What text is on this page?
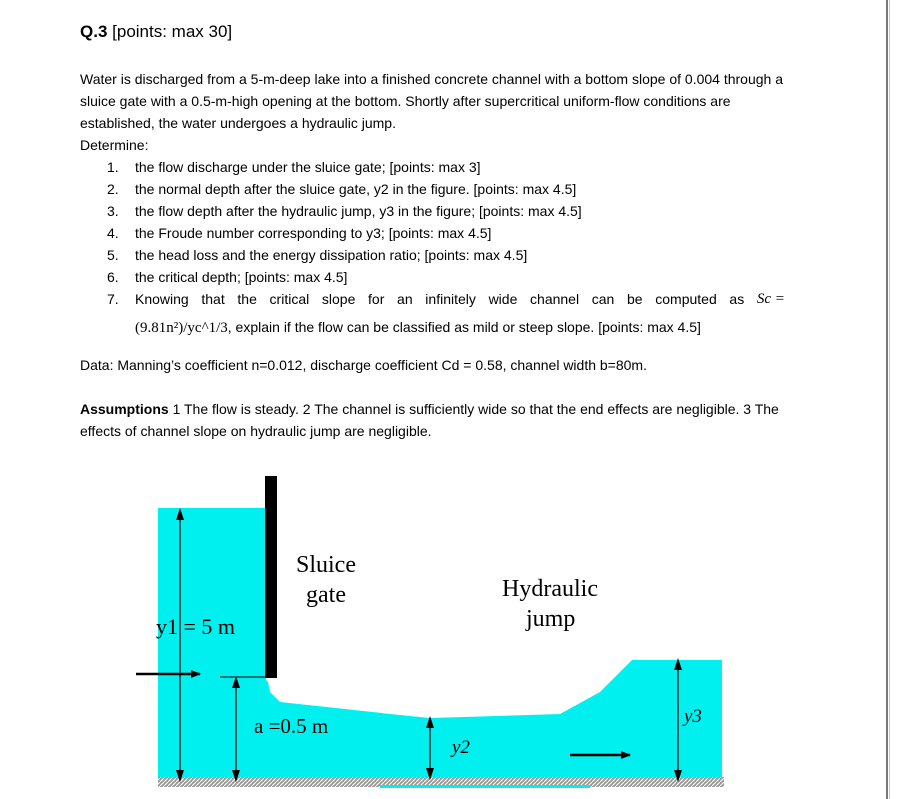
Q.3 [points: max 30]
Water is discharged from a 5-m-deep lake into a finished concrete channel with a bottom slope of 0.004 through a sluice gate with a 0.5-m-high opening at the bottom. Shortly after supercritical uniform-flow conditions are established, the water undergoes a hydraulic jump.
Determine:
1. the flow discharge under the sluice gate; [points: max 3]
2. the normal depth after the sluice gate, y2 in the figure. [points: max 4.5]
3. the flow depth after the hydraulic jump, y3 in the figure; [points: max 4.5]
4. the Froude number corresponding to y3; [points: max 4.5]
5. the head loss and the energy dissipation ratio; [points: max 4.5]
6. the critical depth; [points: max 4.5]
7. Knowing that the critical slope for an infinitely wide channel can be computed as Sc =
(9.81n²)/yc^1/3, explain if the flow can be classified as mild or steep slope. [points: max 4.5]
Data: Manning’s coefficient n=0.012, discharge coefficient Cd = 0.58, channel width b=80m.
Assumptions 1 The flow is steady. 2 The channel is sufficiently wide so that the end effects are negligible. 3 The effects of channel slope on hydraulic jump are negligible.
Sluice
gate	Hydraulic
jump
y1 = 5 m
a =0.5 m
y2
y3
